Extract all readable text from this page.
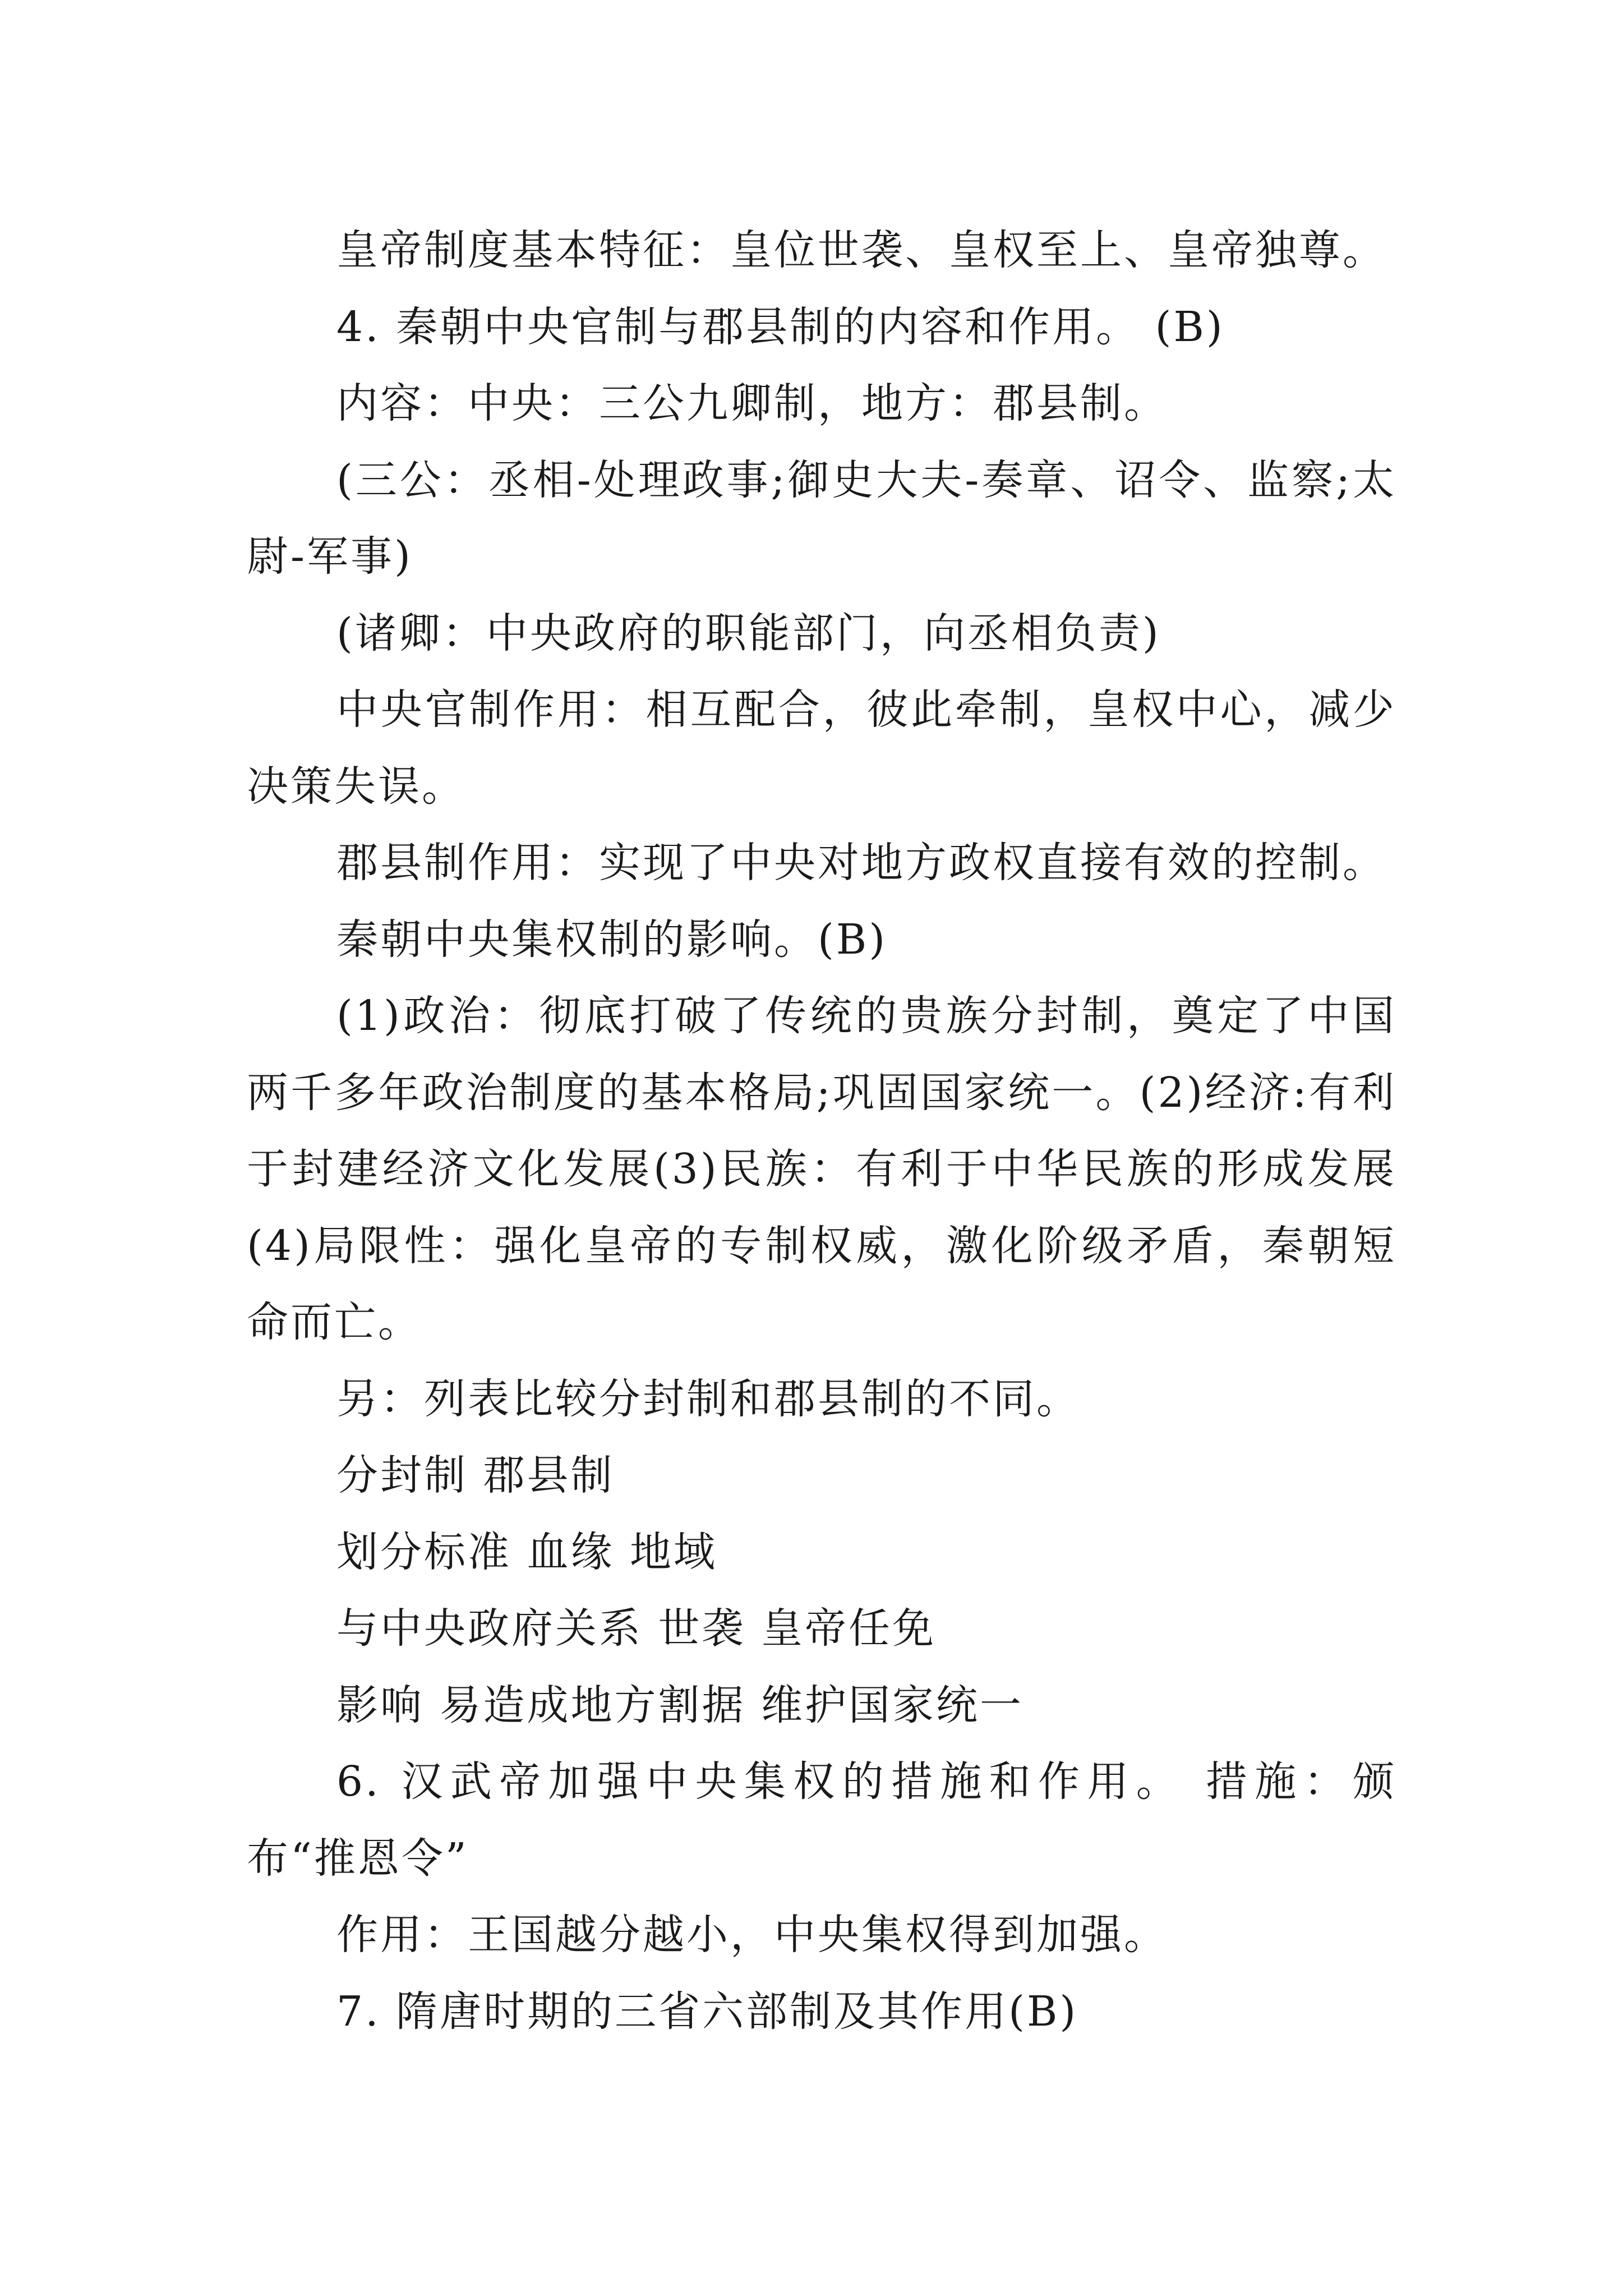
皇帝制度基本特征：皇位世袭、皇权至上、皇帝独尊。

4. 秦朝中央官制与郡县制的内容和作用。 (B)

内容：中央：三公九卿制，地方：郡县制。

(三公：丞相-处理政事;御史大夫-奏章、诏令、监察;太尉-军事)

(诸卿：中央政府的职能部门，向丞相负责)

中央官制作用：相互配合，彼此牵制，皇权中心，减少决策失误。

郡县制作用：实现了中央对地方政权直接有效的控制。

秦朝中央集权制的影响。(B)

(1)政治：彻底打破了传统的贵族分封制，奠定了中国两千多年政治制度的基本格局;巩固国家统一。(2)经济:有利于封建经济文化发展(3)民族：有利于中华民族的形成发展 (4)局限性：强化皇帝的专制权威，激化阶级矛盾，秦朝短命而亡。

另：列表比较分封制和郡县制的不同。

分封制 郡县制

划分标准 血缘 地域

与中央政府关系 世袭 皇帝任免

影响 易造成地方割据 维护国家统一

6. 汉武帝加强中央集权的措施和作用。 措施：颁布“推恩令”

作用：王国越分越小，中央集权得到加强。

7. 隋唐时期的三省六部制及其作用(B)
